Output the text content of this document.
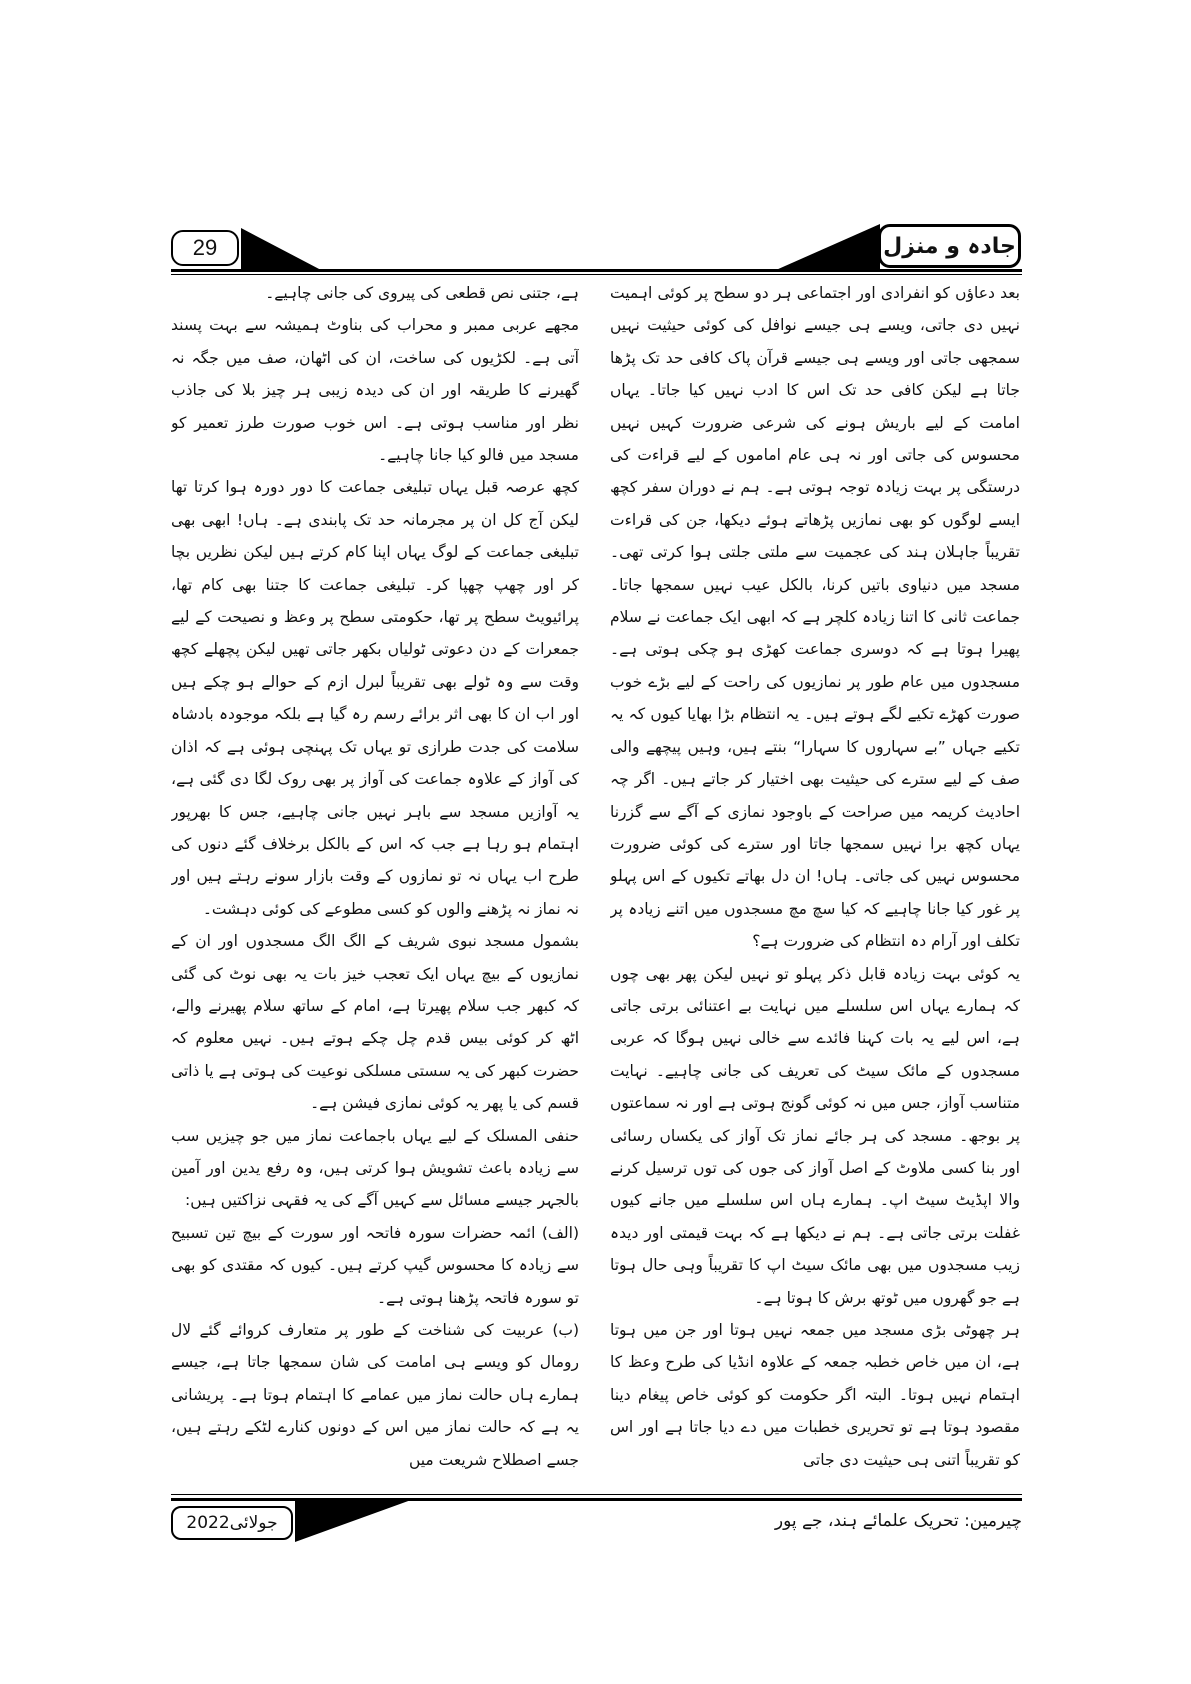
29	جادہ و منزل

بعد دعاؤں کو انفرادی اور اجتماعی ہر دو سطح پر کوئی اہمیت نہیں دی جاتی، ویسے ہی جیسے نوافل کی کوئی حیثیت نہیں سمجھی جاتی اور ویسے ہی جیسے قرآن پاک کافی حد تک پڑھا جاتا ہے لیکن کافی حد تک اس کا ادب نہیں کیا جاتا۔ یہاں امامت کے لیے باریش ہونے کی شرعی ضرورت کہیں نہیں محسوس کی جاتی اور نہ ہی عام اماموں کے لیے قراءت کی درستگی پر بہت زیادہ توجہ ہوتی ہے۔ ہم نے دوران سفر کچھ ایسے لوگوں کو بھی نمازیں پڑھاتے ہوئے دیکھا، جن کی قراءت تقریباً جاہلان ہند کی عجمیت سے ملتی جلتی ہوا کرتی تھی۔ مسجد میں دنیاوی باتیں کرنا، بالکل عیب نہیں سمجھا جاتا۔ جماعت ثانی کا اتنا زیادہ کلچر ہے کہ ابھی ایک جماعت نے سلام پھیرا ہوتا ہے کہ دوسری جماعت کھڑی ہو چکی ہوتی ہے۔ مسجدوں میں عام طور پر نمازیوں کی راحت کے لیے بڑے خوب صورت کھڑے تکیے لگے ہوتے ہیں۔ یہ انتظام بڑا بھایا کیوں کہ یہ تکیے جہاں ”بے سہاروں کا سہارا“ بنتے ہیں، وہیں پیچھے والی صف کے لیے سترے کی حیثیت بھی اختیار کر جاتے ہیں۔ اگر چہ احادیث کریمہ میں صراحت کے باوجود نمازی کے آگے سے گزرنا یہاں کچھ برا نہیں سمجھا جاتا اور سترے کی کوئی ضرورت محسوس نہیں کی جاتی۔ ہاں! ان دل بھاتے تکیوں کے اس پہلو پر غور کیا جانا چاہیے کہ کیا سچ مچ مسجدوں میں اتنے زیادہ پر تکلف اور آرام دہ انتظام کی ضرورت ہے؟

یہ کوئی بہت زیادہ قابل ذکر پہلو تو نہیں لیکن پھر بھی چوں کہ ہمارے یہاں اس سلسلے میں نہایت بے اعتنائی برتی جاتی ہے، اس لیے یہ بات کہنا فائدے سے خالی نہیں ہوگا کہ عربی مسجدوں کے مائک سیٹ کی تعریف کی جانی چاہیے۔ نہایت متناسب آواز، جس میں نہ کوئی گونج ہوتی ہے اور نہ سماعتوں پر بوجھ۔ مسجد کی ہر جائے نماز تک آواز کی یکساں رسائی اور بنا کسی ملاوٹ کے اصل آواز کی جوں کی توں ترسیل کرنے والا اپڈیٹ سیٹ اپ۔ ہمارے ہاں اس سلسلے میں جانے کیوں غفلت برتی جاتی ہے۔ ہم نے دیکھا ہے کہ بہت قیمتی اور دیدہ زیب مسجدوں میں بھی مائک سیٹ اپ کا تقریباً وہی حال ہوتا ہے جو گھروں میں ٹوتھ برش کا ہوتا ہے۔

ہر چھوٹی بڑی مسجد میں جمعہ نہیں ہوتا اور جن میں ہوتا ہے، ان میں خاص خطبہ جمعہ کے علاوہ انڈیا کی طرح وعظ کا اہتمام نہیں ہوتا۔ البتہ اگر حکومت کو کوئی خاص پیغام دینا مقصود ہوتا ہے تو تحریری خطبات میں دے دیا جاتا ہے اور اس کو تقریباً اتنی ہی حیثیت دی جاتی

ہے، جتنی نص قطعی کی پیروی کی جانی چاہیے۔

مجھے عربی ممبر و محراب کی بناوٹ ہمیشہ سے بہت پسند آتی ہے۔ لکڑیوں کی ساخت، ان کی اٹھان، صف میں جگہ نہ گھیرنے کا طریقہ اور ان کی دیدہ زیبی ہر چیز بلا کی جاذب نظر اور مناسب ہوتی ہے۔ اس خوب صورت طرز تعمیر کو مسجد میں فالو کیا جانا چاہیے۔

کچھ عرصہ قبل یہاں تبلیغی جماعت کا دور دورہ ہوا کرتا تھا لیکن آج کل ان پر مجرمانہ حد تک پابندی ہے۔ ہاں! ابھی بھی تبلیغی جماعت کے لوگ یہاں اپنا کام کرتے ہیں لیکن نظریں بچا کر اور چھپ چھپا کر۔ تبلیغی جماعت کا جتنا بھی کام تھا، پرائیویٹ سطح پر تھا، حکومتی سطح پر وعظ و نصیحت کے لیے جمعرات کے دن دعوتی ٹولیاں بکھر جاتی تھیں لیکن پچھلے کچھ وقت سے وہ ٹولے بھی تقریباً لبرل ازم کے حوالے ہو چکے ہیں اور اب ان کا بھی اثر برائے رسم رہ گیا ہے بلکہ موجودہ بادشاہ سلامت کی جدت طرازی تو یہاں تک پہنچی ہوئی ہے کہ اذان کی آواز کے علاوہ جماعت کی آواز پر بھی روک لگا دی گئی ہے، یہ آوازیں مسجد سے باہر نہیں جانی چاہیے، جس کا بھرپور اہتمام ہو رہا ہے جب کہ اس کے بالکل برخلاف گئے دنوں کی طرح اب یہاں نہ تو نمازوں کے وقت بازار سونے رہتے ہیں اور نہ نماز نہ پڑھنے والوں کو کسی مطوعے کی کوئی دہشت۔

بشمول مسجد نبوی شریف کے الگ الگ مسجدوں اور ان کے نمازیوں کے بیچ یہاں ایک تعجب خیز بات یہ بھی نوٹ کی گئی کہ کبھر جب سلام پھیرتا ہے، امام کے ساتھ سلام پھیرنے والے، اٹھ کر کوئی بیس قدم چل چکے ہوتے ہیں۔ نہیں معلوم کہ حضرت کبھر کی یہ سستی مسلکی نوعیت کی ہوتی ہے یا ذاتی قسم کی یا پھر یہ کوئی نمازی فیشن ہے۔

حنفی المسلک کے لیے یہاں باجماعت نماز میں جو چیزیں سب سے زیادہ باعث تشویش ہوا کرتی ہیں، وہ رفع یدین اور آمین بالجہر جیسے مسائل سے کہیں آگے کی یہ فقہی نزاکتیں ہیں:

(الف) ائمہ حضرات سورہ فاتحہ اور سورت کے بیچ تین تسبیح سے زیادہ کا محسوس گیپ کرتے ہیں۔ کیوں کہ مقتدی کو بھی تو سورہ فاتحہ پڑھنا ہوتی ہے۔

(ب) عربیت کی شناخت کے طور پر متعارف کروائے گئے لال رومال کو ویسے ہی امامت کی شان سمجھا جاتا ہے، جیسے ہمارے ہاں حالت نماز میں عمامے کا اہتمام ہوتا ہے۔ پریشانی یہ ہے کہ حالت نماز میں اس کے دونوں کنارے لٹکے رہتے ہیں، جسے اصطلاح شریعت میں

جولائی2022	چیرمین: تحریک علمائے ہند، جے پور
